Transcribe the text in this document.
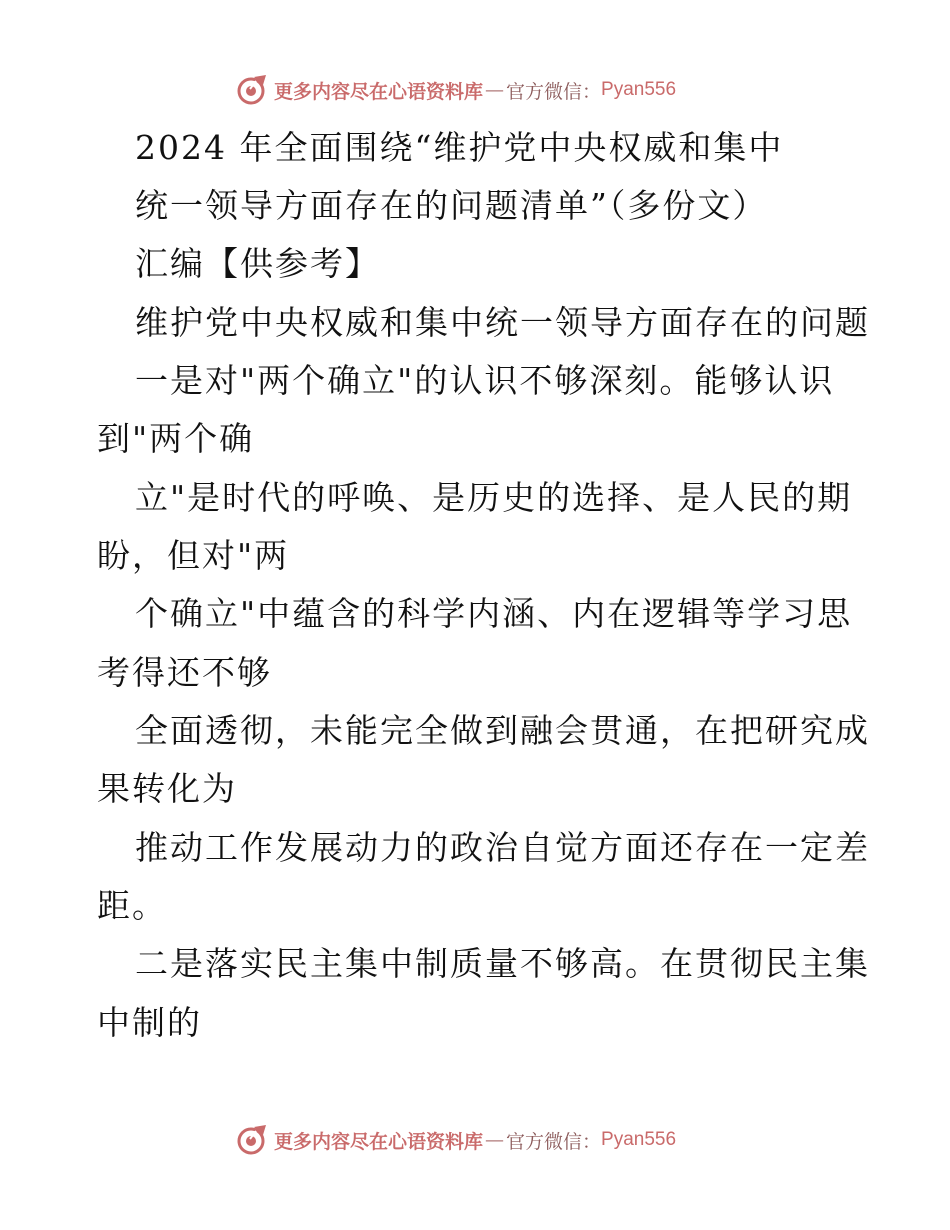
更多内容尽在心语资料库 — 官方微信： Pyan556
2024 年全面围绕“维护党中央权威和集中
统一领导方面存在的问题清单”（多份文）
汇编【供参考】
维护党中央权威和集中统一领导方面存在的问题
一是对"两个确立"的认识不够深刻。能够认识
到"两个确
立"是时代的呼唤、是历史的选择、是人民的期
盼，但对"两
个确立"中蕴含的科学内涵、内在逻辑等学习思
考得还不够
全面透彻，未能完全做到融会贯通，在把研究成
果转化为
推动工作发展动力的政治自觉方面还存在一定差
距。
二是落实民主集中制质量不够高。在贯彻民主集
中制的
更多内容尽在心语资料库 — 官方微信： Pyan556
